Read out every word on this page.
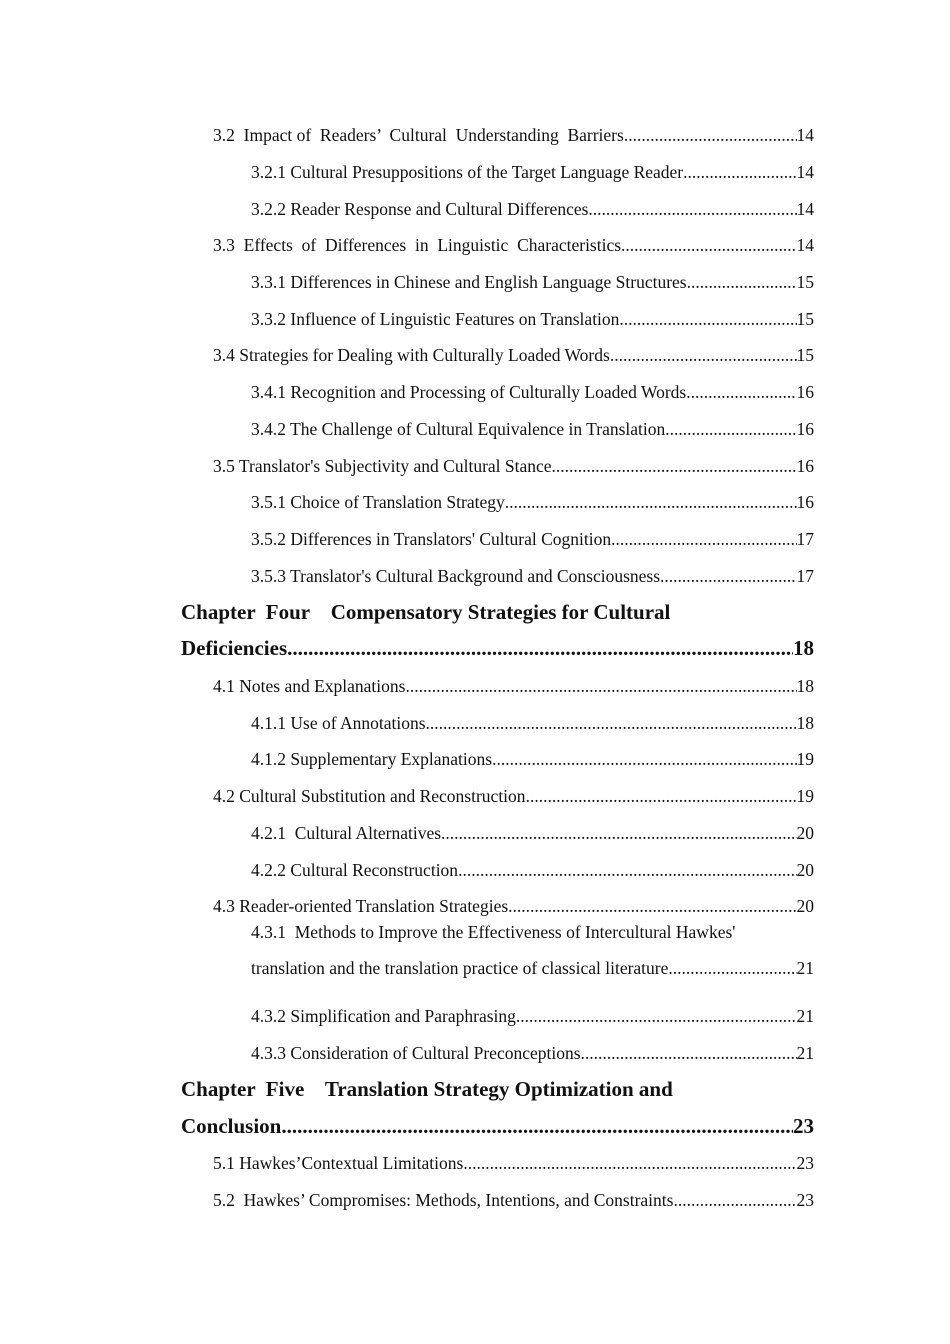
3.2  Impact of  Readers’  Cultural  Understanding  Barriers .....	14
3.2.1 Cultural Presuppositions of the Target Language Reader .....	14
3.2.2 Reader Response and Cultural Differences .....	14
3.3  Effects  of  Differences  in  Linguistic  Characteristics .....	14
3.3.1 Differences in Chinese and English Language Structures .....	15
3.3.2 Influence of Linguistic Features on Translation .....	15
3.4 Strategies for Dealing with Culturally Loaded Words .....	15
3.4.1 Recognition and Processing of Culturally Loaded Words .....	16
3.4.2 The Challenge of Cultural Equivalence in Translation .....	16
3.5 Translator's Subjectivity and Cultural Stance .....	16
3.5.1 Choice of Translation Strategy .....	16
3.5.2 Differences in Translators' Cultural Cognition .....	17
3.5.3 Translator's Cultural Background and Consciousness .....	17
Chapter  Four    Compensatory Strategies for Cultural
Deficiencies .....	18
4.1 Notes and Explanations .....	18
4.1.1 Use of Annotations .....	18
4.1.2 Supplementary Explanations .....	19
4.2 Cultural Substitution and Reconstruction .....	19
4.2.1  Cultural Alternatives .....	20
4.2.2 Cultural Reconstruction .....	20
4.3 Reader-oriented Translation Strategies .....	20
4.3.1  Methods to Improve the Effectiveness of Intercultural Hawkes'
translation and the translation practice of classical literature .....	21
4.3.2 Simplification and Paraphrasing .....	21
4.3.3 Consideration of Cultural Preconceptions .....	21
Chapter  Five    Translation Strategy Optimization and
Conclusion .....	23
5.1 Hawkes’Contextual Limitations .....	23
5.2  Hawkes’ Compromises: Methods, Intentions, and Constraints .....	23
